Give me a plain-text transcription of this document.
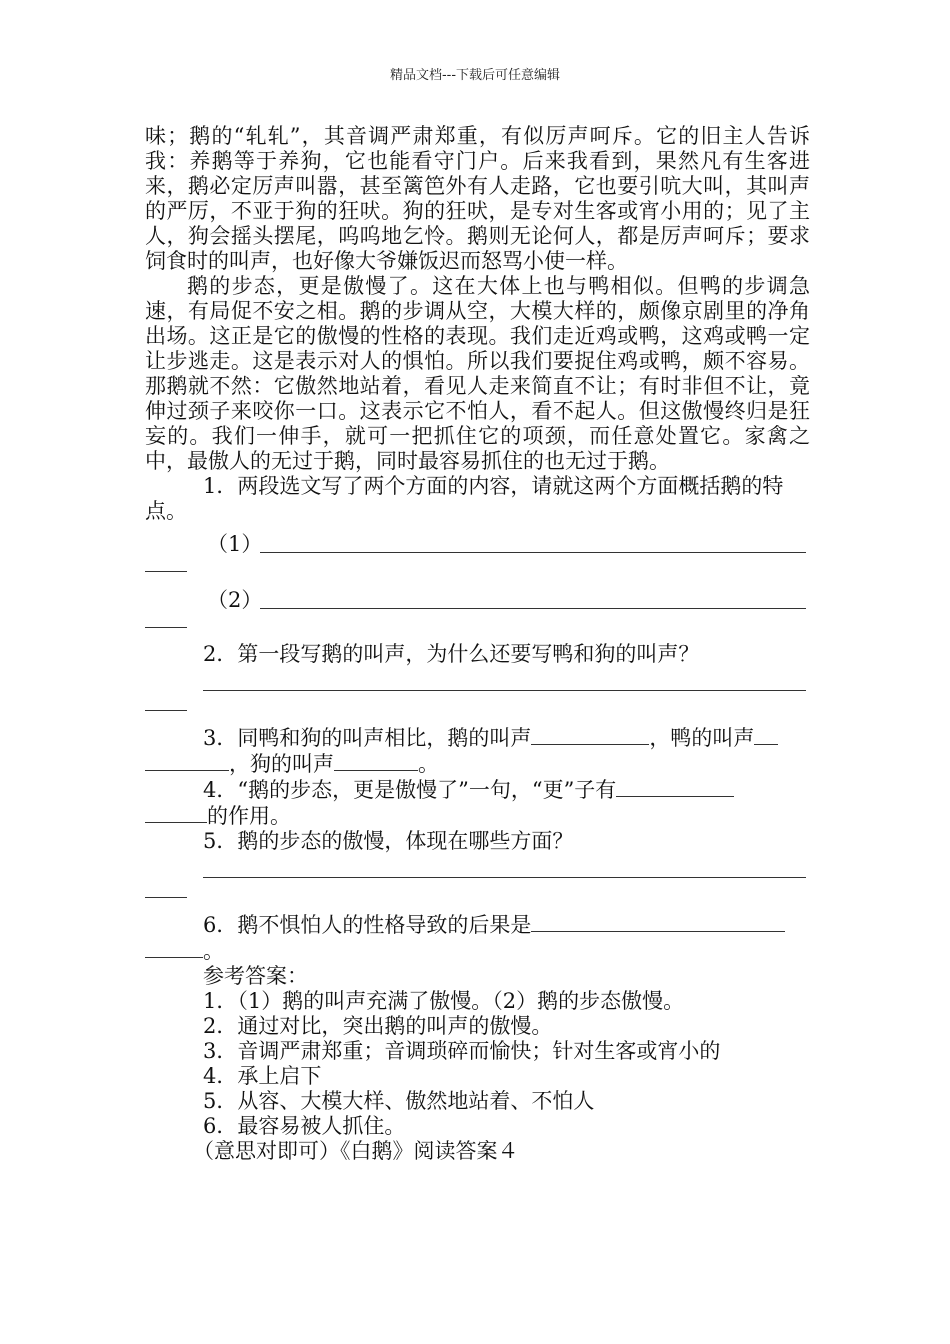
精品文档---下载后可任意编辑

味；鹅的“轧轧”，其音调严肃郑重，有似厉声呵斥。它的旧主人告诉我：养鹅等于养狗，它也能看守门户。后来我看到，果然凡有生客进来，鹅必定厉声叫嚣，甚至篱笆外有人走路，它也要引吭大叫，其叫声的严厉，不亚于狗的狂吠。狗的狂吠，是专对生客或宵小用的；见了主人，狗会摇头摆尾，呜呜地乞怜。鹅则无论何人，都是厉声呵斥；要求饲食时的叫声，也好像大爷嫌饭迟而怒骂小使一样。

鹅的步态，更是傲慢了。这在大体上也与鸭相似。但鸭的步调急速，有局促不安之相。鹅的步调从空，大模大样的，颇像京剧里的净角出场。这正是它的傲慢的性格的表现。我们走近鸡或鸭，这鸡或鸭一定让步逃走。这是表示对人的惧怕。所以我们要捉住鸡或鸭，颇不容易。那鹅就不然：它傲然地站着，看见人走来简直不让；有时非但不让，竟伸过颈子来咬你一口。这表示它不怕人，看不起人。但这傲慢终归是狂妄的。我们一伸手，就可一把抓住它的项颈，而任意处置它。家禽之中，最傲人的无过于鹅，同时最容易抓住的也无过于鹅。

1．两段选文写了两个方面的内容，请就这两个方面概括鹅的特点。

（1）
（2）

2．第一段写鹅的叫声，为什么还要写鸭和狗的叫声？

3．同鸭和狗的叫声相比，鹅的叫声	，鸭的叫声

，狗的叫声	。

4．“鹅的步态，更是傲慢了”一句，“更”子有

的作用。

5．鹅的步态的傲慢，体现在哪些方面？

6．鹅不惧怕人的性格导致的后果是

。

参考答案：

1．（1）鹅的叫声充满了傲慢。（2）鹅的步态傲慢。

2．通过对比，突出鹅的叫声的傲慢。

3．音调严肃郑重；音调琐碎而愉快；针对生客或宵小的

4．承上启下

5．从容、大模大样、傲然地站着、不怕人

6．最容易被人抓住。

（意思对即可）《白鹅》阅读答案４
